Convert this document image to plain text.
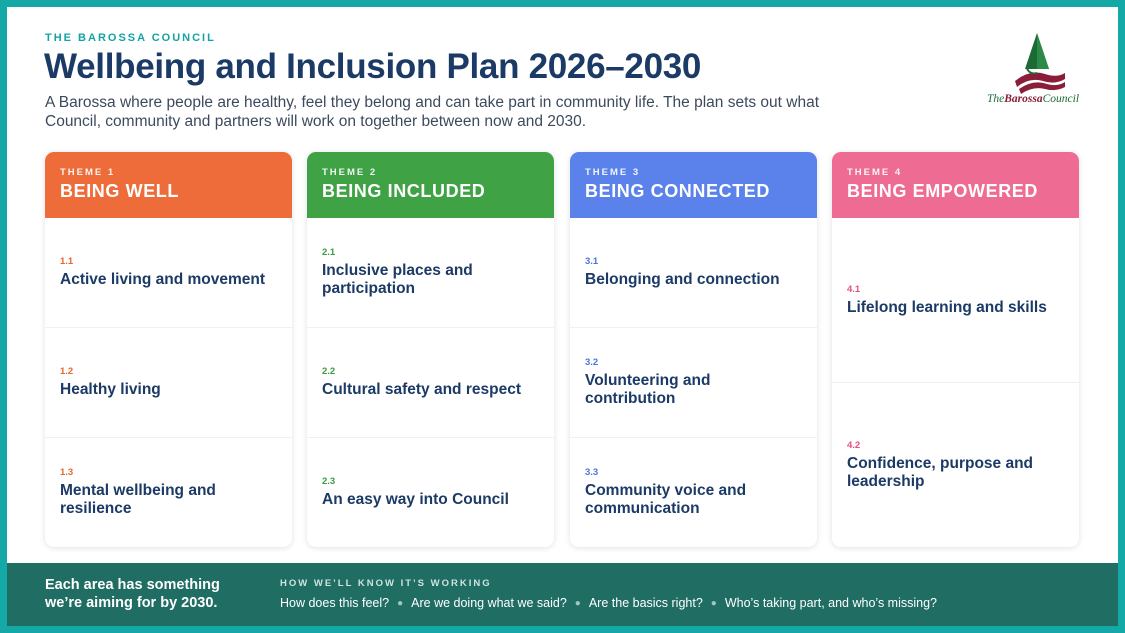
THE BAROSSA COUNCIL
Wellbeing and Inclusion Plan 2026–2030
A Barossa where people are healthy, feel they belong and can take part in community life. The plan sets out what Council, community and partners will work on together between now and 2030.
TheBarossaCouncil
THEME 1
BEING WELL
1.1
Active living and movement
1.2
Healthy living
1.3
Mental wellbeing and resilience
THEME 2
BEING INCLUDED
2.1
Inclusive places and participation
2.2
Cultural safety and respect
2.3
An easy way into Council
THEME 3
BEING CONNECTED
3.1
Belonging and connection
3.2
Volunteering and contribution
3.3
Community voice and communication
THEME 4
BEING EMPOWERED
4.1
Lifelong learning and skills
4.2
Confidence, purpose and leadership
Each area has something we’re aiming for by 2030.
HOW WE’LL KNOW IT’S WORKING
How does this feel? ● Are we doing what we said? ● Are the basics right? ● Who’s taking part, and who’s missing?
